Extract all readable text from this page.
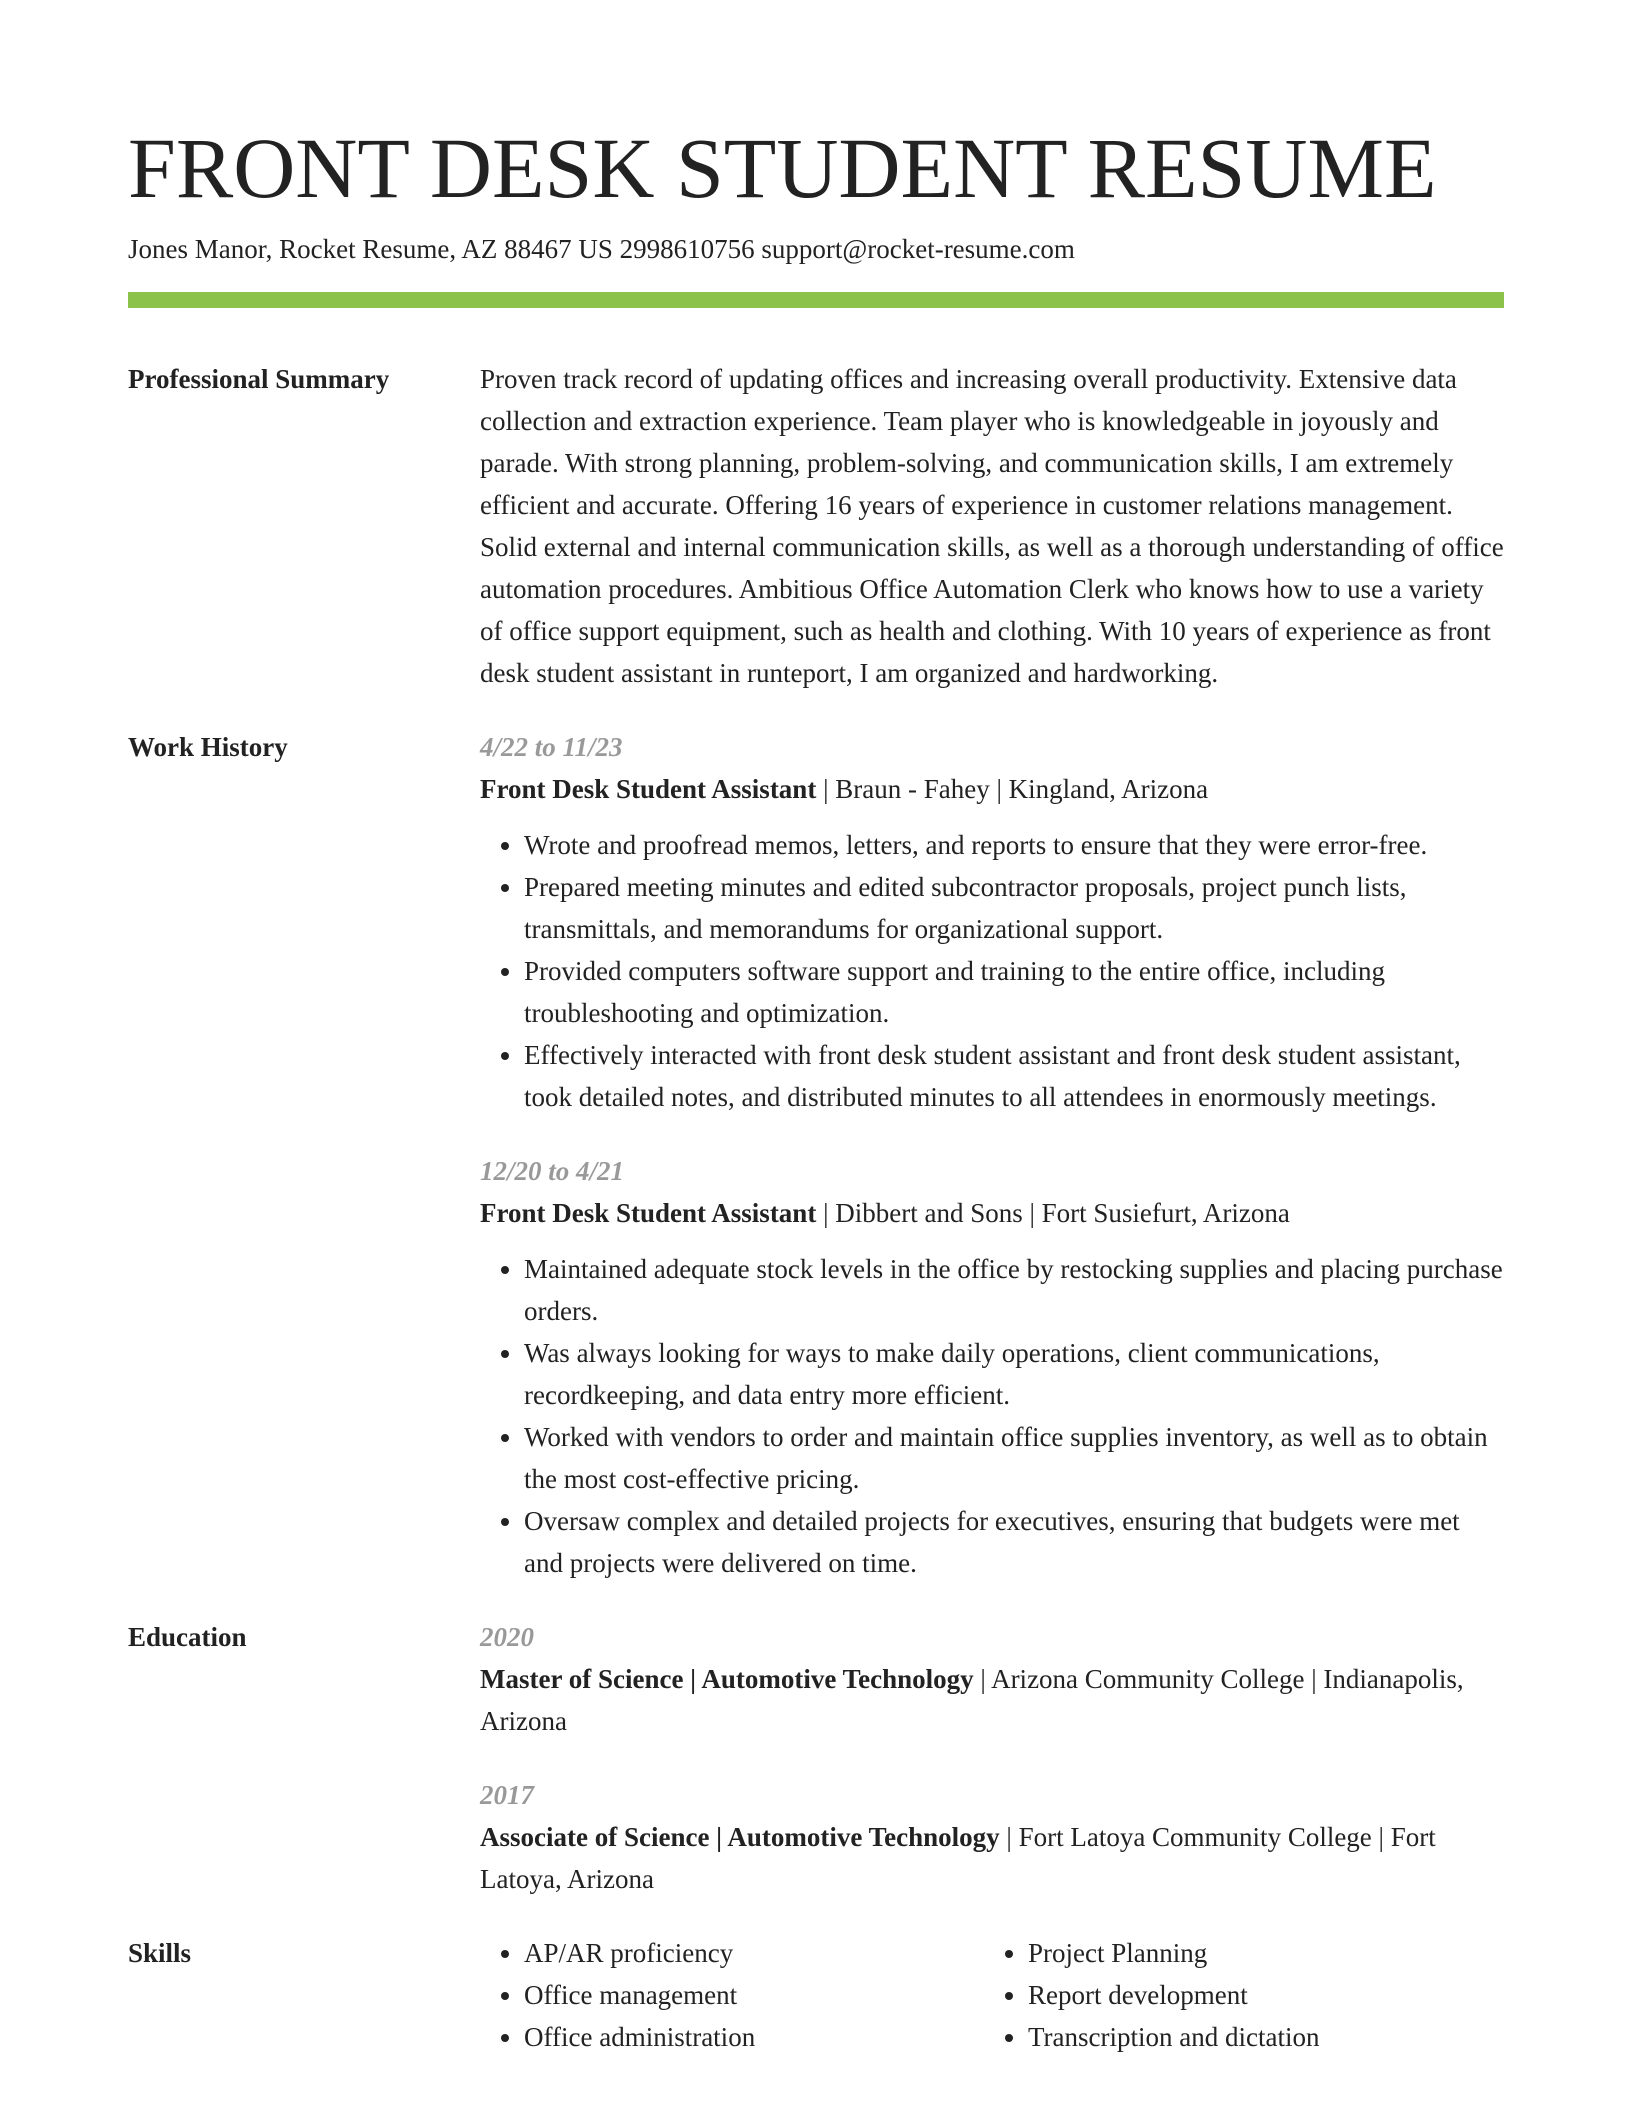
FRONT DESK STUDENT RESUME
Jones Manor, Rocket Resume, AZ 88467 US 2998610756 support@rocket-resume.com
Professional Summary	Proven track record of updating offices and increasing overall productivity. Extensive data collection and extraction experience. Team player who is knowledgeable in joyously and parade. With strong planning, problem-solving, and communication skills, I am extremely efficient and accurate. Offering 16 years of experience in customer relations management. Solid external and internal communication skills, as well as a thorough understanding of office automation procedures. Ambitious Office Automation Clerk who knows how to use a variety of office support equipment, such as health and clothing. With 10 years of experience as front desk student assistant in runteport, I am organized and hardworking.

Work History	4/22 to 11/23
Front Desk Student Assistant | Braun - Fahey | Kingland, Arizona
• Wrote and proofread memos, letters, and reports to ensure that they were error-free.
• Prepared meeting minutes and edited subcontractor proposals, project punch lists, transmittals, and memorandums for organizational support.
• Provided computers software support and training to the entire office, including troubleshooting and optimization.
• Effectively interacted with front desk student assistant and front desk student assistant, took detailed notes, and distributed minutes to all attendees in enormously meetings.
12/20 to 4/21
Front Desk Student Assistant | Dibbert and Sons | Fort Susiefurt, Arizona
• Maintained adequate stock levels in the office by restocking supplies and placing purchase orders.
• Was always looking for ways to make daily operations, client communications, recordkeeping, and data entry more efficient.
• Worked with vendors to order and maintain office supplies inventory, as well as to obtain the most cost-effective pricing.
• Oversaw complex and detailed projects for executives, ensuring that budgets were met and projects were delivered on time.
Education	2020
Master of Science | Automotive Technology | Arizona Community College | Indianapolis, Arizona
2017
Associate of Science | Automotive Technology | Fort Latoya Community College | Fort Latoya, Arizona
Skills
•	AP/AR proficiency
• Office management
• Office administration
• Project Planning
• Report development
• Transcription and dictation
